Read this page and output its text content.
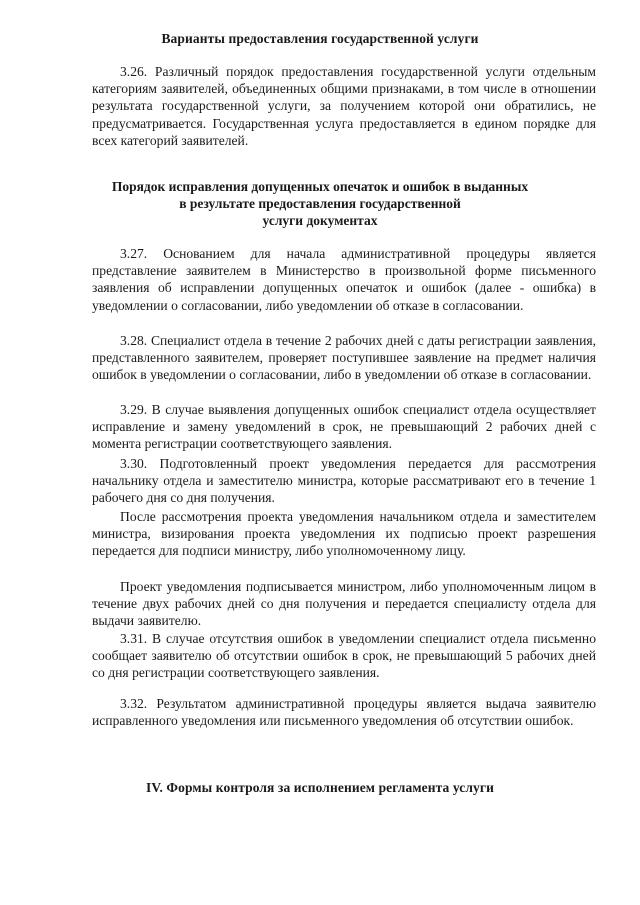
Варианты предоставления государственной услуги

3.26. Различный порядок предоставления государственной услуги отдельным категориям заявителей, объединенных общими признаками, в том числе в отношении результата государственной услуги, за получением которой они обратились, не предусматривается. Государственная услуга предоставляется в едином порядке для всех категорий заявителей.

Порядок исправления допущенных опечаток и ошибок в выданных
в результате предоставления государственной
услуги документах

3.27. Основанием для начала административной процедуры является представление заявителем в Министерство в произвольной форме письменного заявления об исправлении допущенных опечаток и ошибок (далее - ошибка) в уведомлении о согласовании, либо уведомлении об отказе в согласовании.

3.28. Специалист отдела в течение 2 рабочих дней с даты регистрации заявления, представленного заявителем, проверяет поступившее заявление на предмет наличия ошибок в уведомлении о согласовании, либо в уведомлении об отказе в согласовании.

3.29. В случае выявления допущенных ошибок специалист отдела осуществляет исправление и замену уведомлений в срок, не превышающий 2 рабочих дней с момента регистрации соответствующего заявления.

3.30. Подготовленный проект уведомления передается для рассмотрения начальнику отдела и заместителю министра, которые рассматривают его в течение 1 рабочего дня со дня получения.

После рассмотрения проекта уведомления начальником отдела и заместителем министра, визирования проекта уведомления их подписью проект разрешения передается для подписи министру, либо уполномоченному лицу.

Проект уведомления подписывается министром, либо уполномоченным лицом в течение двух рабочих дней со дня получения и передается специалисту отдела для выдачи заявителю.

3.31. В случае отсутствия ошибок в уведомлении специалист отдела письменно сообщает заявителю об отсутствии ошибок в срок, не превышающий 5 рабочих дней со дня регистрации соответствующего заявления.

3.32. Результатом административной процедуры является выдача заявителю исправленного уведомления или письменного уведомления об отсутствии ошибок.

IV. Формы контроля за исполнением регламента услуги
